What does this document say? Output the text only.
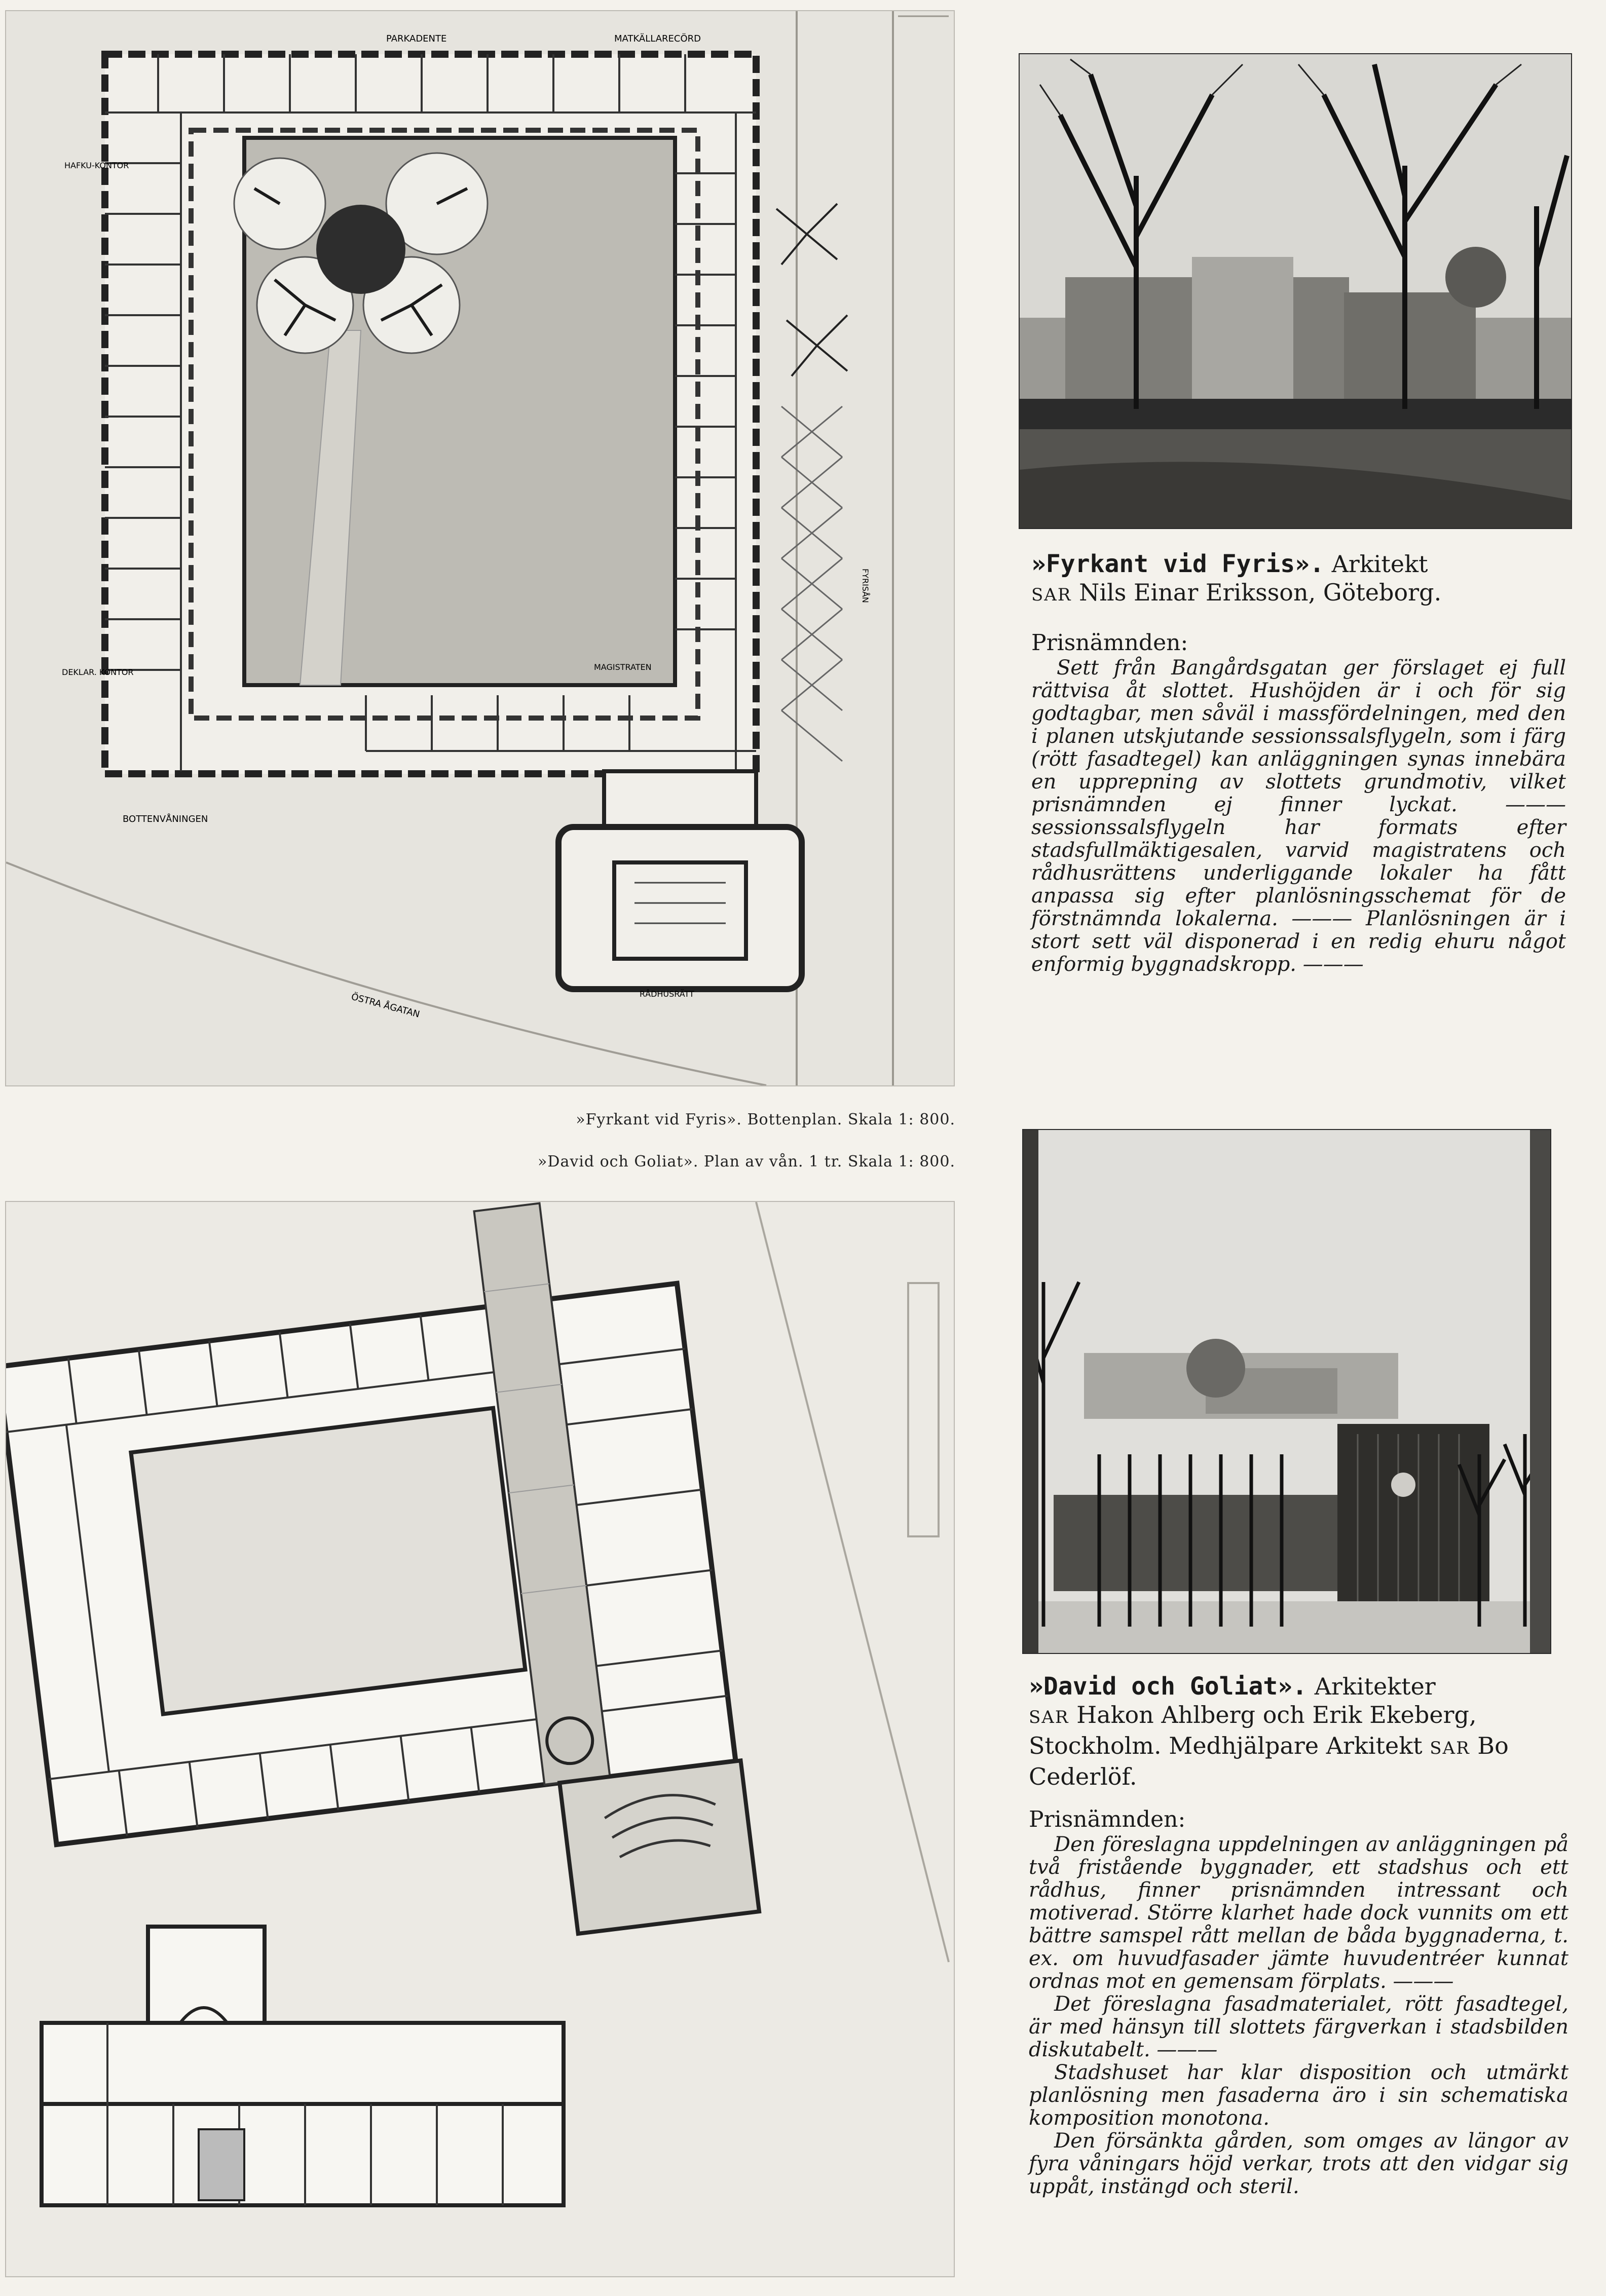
PARKADENTE	MATKÄLLARECÖRD
HAFKU-KONTOR
DEKLAR. KONTOR
MAGISTRATEN
BOTTENVÅNINGEN
ÖSTRA ÅGATAN	RÅDHUSRÄTT
FYRISÅN
»Fyrkant vid Fyris». Arkitekt
SAR Nils Einar Eriksson, Göteborg.
Prisnämnden:

Sett från Bangårdsgatan ger förslaget ej full rättvisa åt slottet. Hushöjden är i och för sig godtagbar, men såväl i massfördelningen, med den i planen utskjutande sessionssalsflygeln, som i färg (rött fasadtegel) kan anläggningen synas innebära en upprepning av slottets grundmotiv, vilket prisnämnden ej finner lyckat. ——— sessionssalsflygeln har formats efter stadsfullmäktigesalen, varvid magistratens och rådhusrättens underliggande lokaler ha fått anpassa sig efter planlösningsschemat för de förstnämnda lokalerna. ——— Planlösningen är i stort sett väl disponerad i en redig ehuru något enformig byggnadskropp. ———

»Fyrkant vid Fyris». Bottenplan. Skala 1: 800.
»David och Goliat». Plan av vån. 1 tr. Skala 1: 800.
»David och Goliat». Arkitekter
SAR Hakon Ahlberg och Erik Ekeberg, Stockholm. Medhjälpare Arkitekt SAR Bo Cederlöf.
Prisnämnden:

Den föreslagna uppdelningen av anläggningen på två fristående byggnader, ett stadshus och ett rådhus, finner prisnämnden intressant och motiverad. Större klarhet hade dock vunnits om ett bättre samspel rått mellan de båda byggnaderna, t. ex. om huvudfasader jämte huvudentréer kunnat ordnas mot en gemensam förplats. ———

Det föreslagna fasadmaterialet, rött fasadtegel, är med hänsyn till slottets färgverkan i stadsbilden diskutabelt. ———

Stadshuset har klar disposition och utmärkt planlösning men fasaderna äro i sin schematiska komposition monotona.

Den försänkta gården, som omges av längor av fyra våningars höjd verkar, trots att den vidgar sig uppåt, instängd och steril.
